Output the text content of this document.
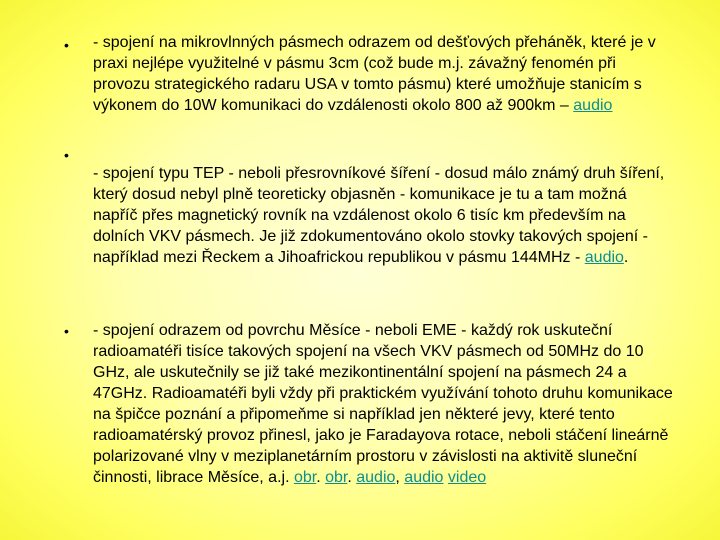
• - spojení na mikrovlnných pásmech odrazem od dešťových přeháněk, které je v praxi nejlépe využitelné v pásmu 3cm (což bude m.j. závažný fenomén při provozu strategického radaru USA v tomto pásmu) které umožňuje stanicím s výkonem do 10W komunikaci do vzdálenosti okolo 800 až 900km – audio
•
- spojení typu TEP - neboli přesrovníkové šíření - dosud málo známý druh šíření, který dosud nebyl plně teoreticky objasněn - komunikace je tu a tam možná napříč přes magnetický rovník na vzdálenost okolo 6 tisíc km především na dolních VKV pásmech. Je již zdokumentováno okolo stovky takových spojení - například mezi Řeckem a Jihoafrickou republikou v pásmu 144MHz - audio.
• - spojení odrazem od povrchu Měsíce - neboli EME - každý rok uskuteční radioamatéři tisíce takových spojení na všech VKV pásmech od 50MHz do 10 GHz, ale uskutečnily se již také mezikontinentální spojení na pásmech 24 a 47GHz. Radioamatéři byli vždy při praktickém využívání tohoto druhu komunikace na špičce poznání a připomeňme si například jen některé jevy, které tento radioamatérský provoz přinesl, jako je Faradayova rotace, neboli stáčení lineárně polarizované vlny v meziplanetárním prostoru v závislosti na aktivitě sluneční činnosti, librace Měsíce, a.j. obr. obr. audio, audio video
